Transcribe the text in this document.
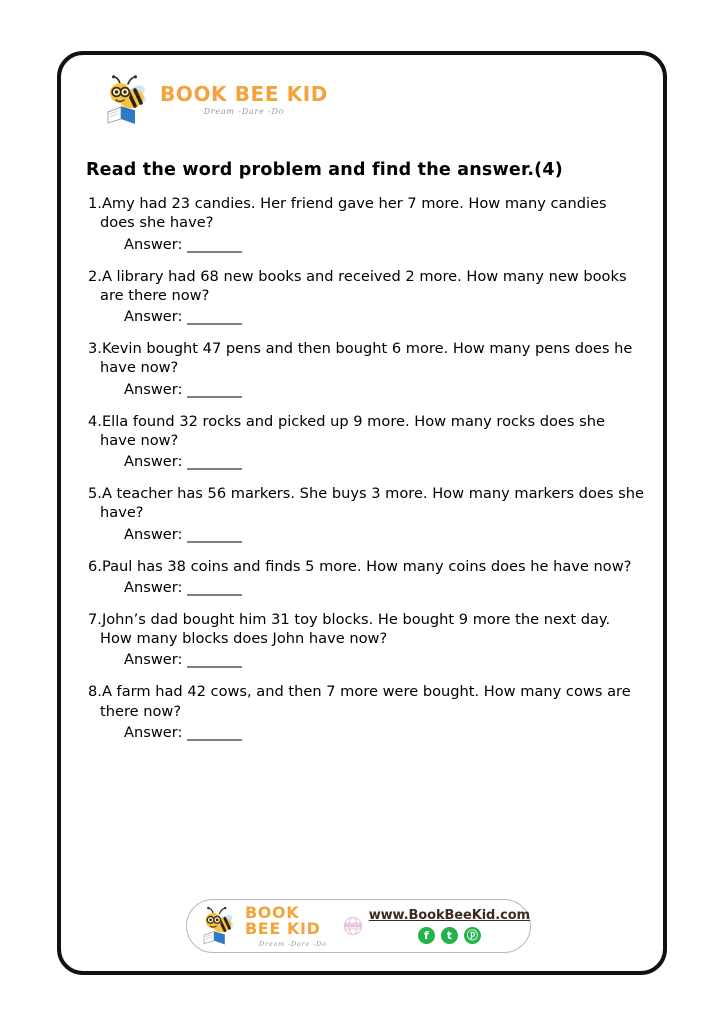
BOOK BEE KID
Dream -Dare -Do
Read the word problem and find the answer.(4)
1.Amy had 23 candies. Her friend gave her 7 more. How many candies does she have?
Answer: ________
2.A library had 68 new books and received 2 more. How many new books are there now?
Answer: ________
3.Kevin bought 47 pens and then bought 6 more. How many pens does he have now?
Answer: ________
4.Ella found 32 rocks and picked up 9 more. How many rocks does she have now?
Answer: ________
5.A teacher has 56 markers. She buys 3 more. How many markers does she have?
Answer: ________
6.Paul has 38 coins and finds 5 more. How many coins does he have now?
Answer: ________
7.John’s dad bought him 31 toy blocks. He bought 9 more the next day. How many blocks does John have now?
Answer: ________
8.A farm had 42 cows, and then 7 more were bought. How many cows are there now?
Answer: ________
BOOK BEE KID
Dream -Dare -Do
WWW
www.BookBeeKid.com
f	t	ⓟ
